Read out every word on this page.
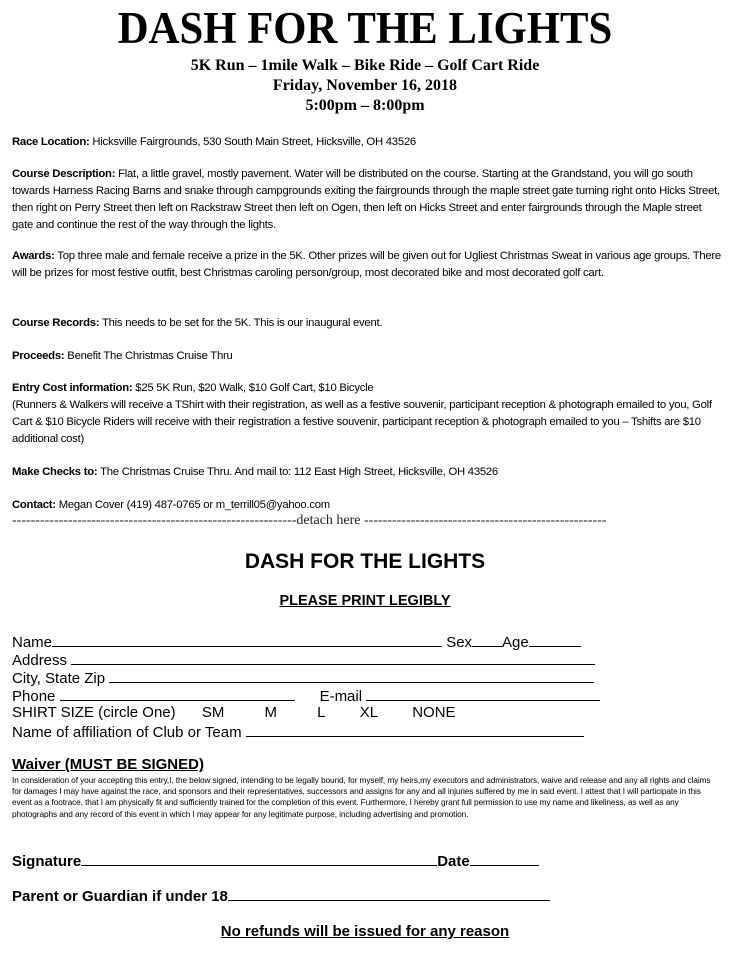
DASH FOR THE LIGHTS
5K Run – 1mile Walk – Bike Ride – Golf Cart Ride
Friday, November 16, 2018
5:00pm – 8:00pm
Race Location: Hicksville Fairgrounds, 530 South Main Street, Hicksville, OH 43526
Course Description: Flat, a little gravel, mostly pavement. Water will be distributed on the course. Starting at the Grandstand, you will go south towards Harness Racing Barns and snake through campgrounds exiting the fairgrounds through the maple street gate turning right onto Hicks Street, then right on Perry Street then left on Rackstraw Street then left on Ogen, then left on Hicks Street and enter fairgrounds through the Maple street gate and continue the rest of the way through the lights.
Awards: Top three male and female receive a prize in the 5K. Other prizes will be given out for Ugliest Christmas Sweat in various age groups. There will be prizes for most festive outfit, best Christmas caroling person/group, most decorated bike and most decorated golf cart.
Course Records: This needs to be set for the 5K. This is our inaugural event.
Proceeds: Benefit The Christmas Cruise Thru
Entry Cost information: $25 5K Run, $20 Walk, $10 Golf Cart, $10 Bicycle
(Runners & Walkers will receive a TShirt with their registration, as well as a festive souvenir, participant reception & photograph emailed to you, Golf Cart & $10 Bicycle Riders will receive with their registration a festive souvenir, participant reception & photograph emailed to you – Tshifts are $10 additional cost)
Make Checks to: The Christmas Cruise Thru. And mail to: 112 East High Street, Hicksville, OH 43526
Contact: Megan Cover (419) 487-0765 or m_terrill05@yahoo.com
-------------------------------------------------------------detach here ----------------------------------------------------
DASH FOR THE LIGHTS
PLEASE PRINT LEGIBLY
Name	Sex Age
Address
City, State Zip
Phone	E-mail
SHIRT SIZE (circle One) SM	M	L XL NONE
Name of affiliation of Club or Team
Waiver (MUST BE SIGNED)
In consideration of your accepting this entry,I, the below signed, intending to be legally bound, for myself, my heirs,my executors and administrators, waive and release and any all rights and claims for damages I may have against the race, and sponsors and their representatives, successors and assigns for any and all injuries suffered by me in said event. I attest that I will participate in this event as a footrace, that I am physically fit and sufficiently trained for the completion of this event. Furthermore, I hereby grant full permission to use my name and likeliness, as well as any photographs and any record of this event in which I may appear for any legitimate purpose, including advertising and promotion.
Signature	Date
Parent or Guardian if under 18
No refunds will be issued for any reason
